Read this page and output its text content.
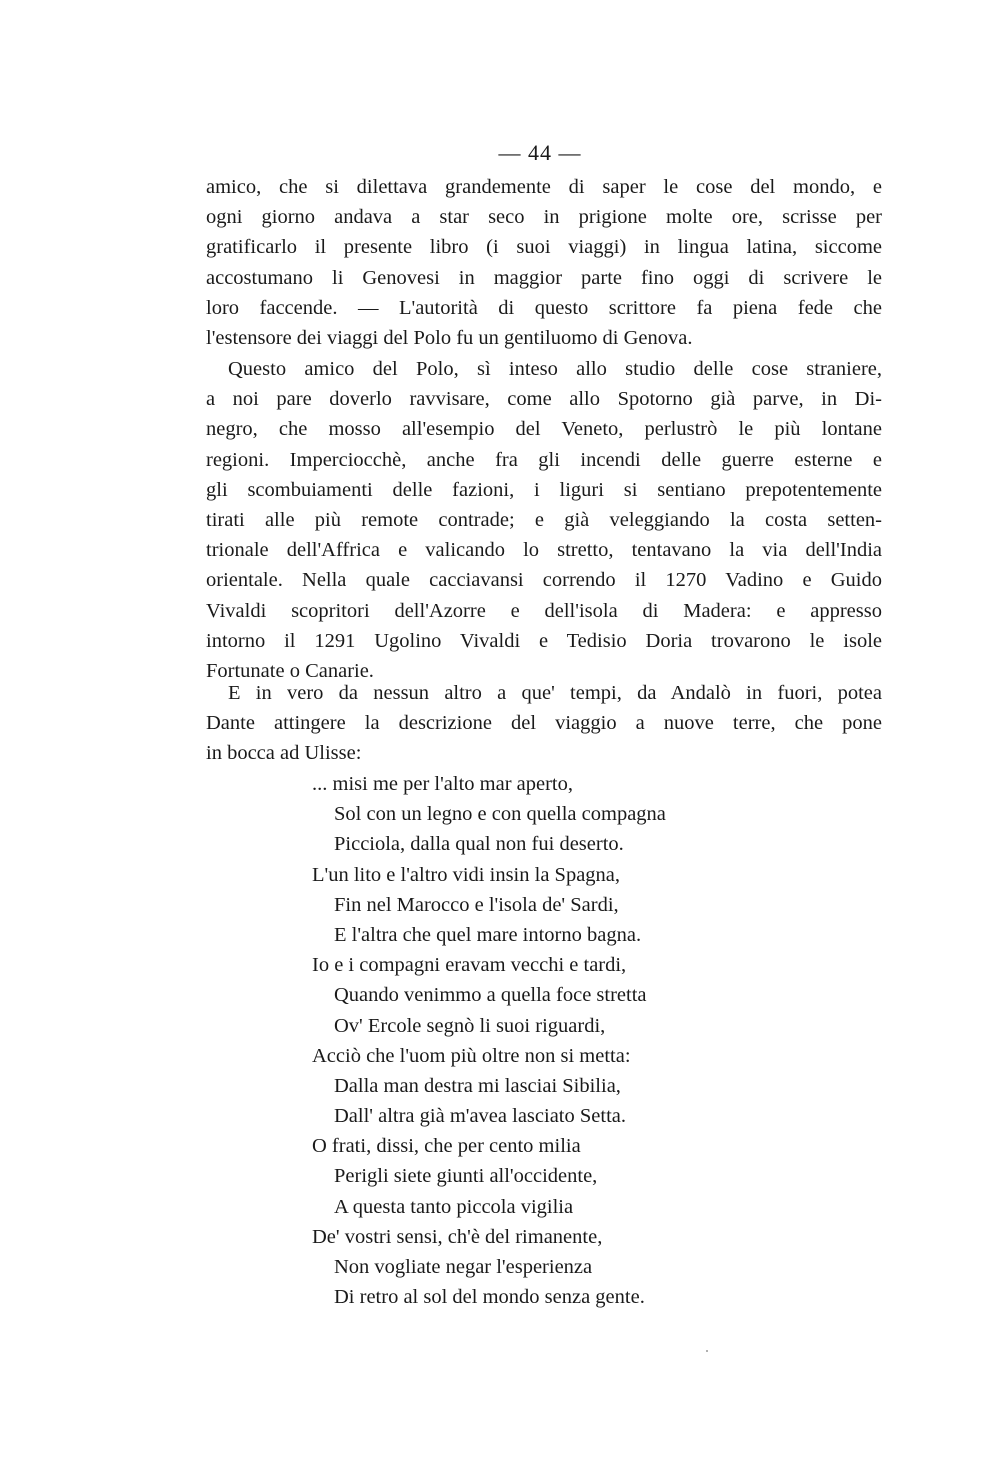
— 44 —
amico, che si dilettava grandemente di saper le cose del mondo, e
ogni giorno andava a star seco in prigione molte ore, scrisse per
gratificarlo il presente libro (i suoi viaggi) in lingua latina, siccome
accostumano li Genovesi in maggior parte fino oggi di scrivere le
loro faccende. — L'autorità di questo scrittore fa piena fede che
l'estensore dei viaggi del Polo fu un gentiluomo di Genova.
Questo amico del Polo, sì inteso allo studio delle cose straniere,
a noi pare doverlo ravvisare, come allo Spotorno già parve, in Di-
negro, che mosso all'esempio del Veneto, perlustrò le più lontane
regioni. Imperciocchè, anche fra gli incendi delle guerre esterne e
gli scombuiamenti delle fazioni, i liguri si sentiano prepotentemente
tirati alle più remote contrade; e già veleggiando la costa setten-
trionale dell'Affrica e valicando lo stretto, tentavano la via dell'India
orientale. Nella quale cacciavansi correndo il 1270 Vadino e Guido
Vivaldi scopritori dell'Azorre e dell'isola di Madera: e appresso
intorno il 1291 Ugolino Vivaldi e Tedisio Doria trovarono le isole
Fortunate o Canarie.
E in vero da nessun altro a que' tempi, da Andalò in fuori, potea
Dante attingere la descrizione del viaggio a nuove terre, che pone
in bocca ad Ulisse:
... misi me per l'alto mar aperto,
Sol con un legno e con quella compagna
Picciola, dalla qual non fui deserto.
L'un lito e l'altro vidi insin la Spagna,
Fin nel Marocco e l'isola de' Sardi,
E l'altra che quel mare intorno bagna.
Io e i compagni eravam vecchi e tardi,
Quando venimmo a quella foce stretta
Ov' Ercole segnò li suoi riguardi,
Acciò che l'uom più oltre non si metta:
Dalla man destra mi lasciai Sibilia,
Dall' altra già m'avea lasciato Setta.
O frati, dissi, che per cento milia
Perigli siete giunti all'occidente,
A questa tanto piccola vigilia
De' vostri sensi, ch'è del rimanente,
Non vogliate negar l'esperienza
Di retro al sol del mondo senza gente.
